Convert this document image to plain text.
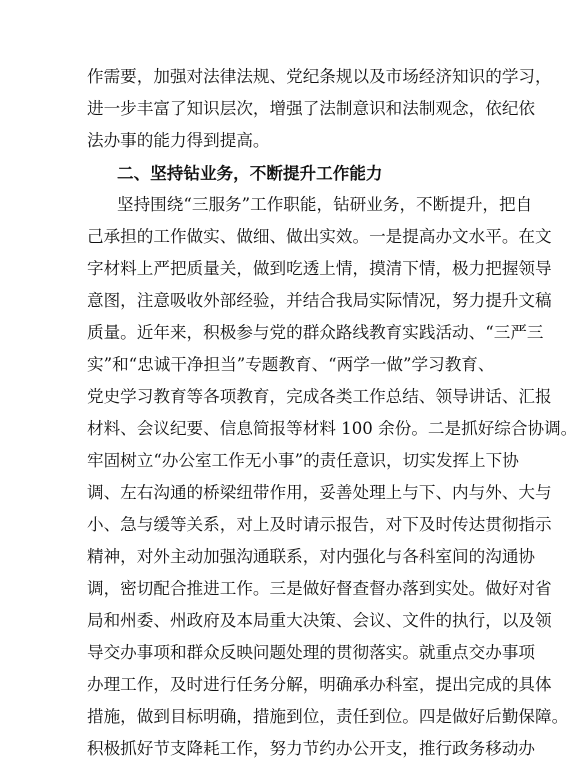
作需要，加强对法律法规、党纪条规以及市场经济知识的学习，
进一步丰富了知识层次，增强了法制意识和法制观念，依纪依
法办事的能力得到提高。
二、坚持钻业务，不断提升工作能力
坚持围绕“三服务”工作职能，钻研业务，不断提升，把自
己承担的工作做实、做细、做出实效。一是提高办文水平。在文
字材料上严把质量关，做到吃透上情，摸清下情，极力把握领导
意图，注意吸收外部经验，并结合我局实际情况，努力提升文稿
质量。近年来，积极参与党的群众路线教育实践活动、“三严三
实”和“忠诚干净担当”专题教育、“两学一做”学习教育、
党史学习教育等各项教育，完成各类工作总结、领导讲话、汇报
材料、会议纪要、信息简报等材料 100 余份。二是抓好综合协调。
牢固树立“办公室工作无小事”的责任意识，切实发挥上下协
调、左右沟通的桥梁纽带作用，妥善处理上与下、内与外、大与
小、急与缓等关系，对上及时请示报告，对下及时传达贯彻指示
精神，对外主动加强沟通联系，对内强化与各科室间的沟通协
调，密切配合推进工作。三是做好督查督办落到实处。做好对省
局和州委、州政府及本局重大决策、会议、文件的执行，以及领
导交办事项和群众反映问题处理的贯彻落实。就重点交办事项
办理工作，及时进行任务分解，明确承办科室，提出完成的具体
措施，做到目标明确，措施到位，责任到位。四是做好后勤保障。
积极抓好节支降耗工作，努力节约办公开支，推行政务移动办
